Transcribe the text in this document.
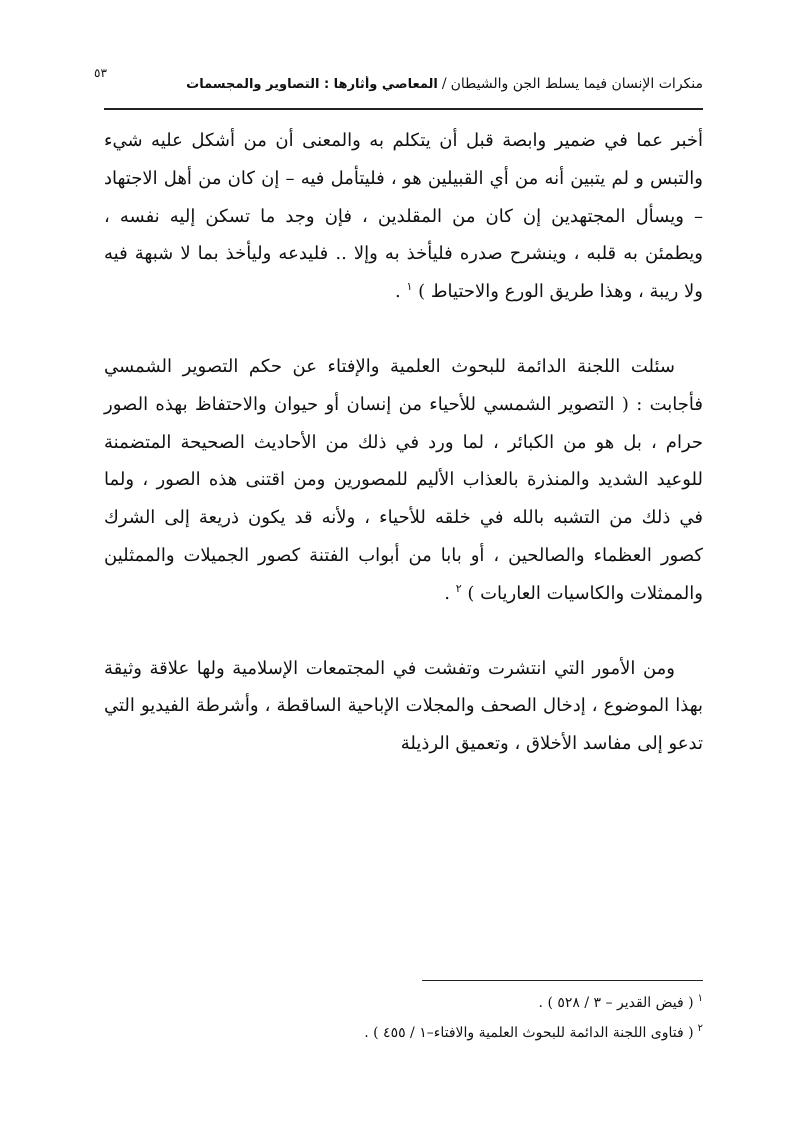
٥٣
منكرات الإنسان فيما يسلط الجن والشيطان/المعاصي وأثارها : التصاوير والمجسمات

أخبر عما في ضمير وابصة قبل أن يتكلم به والمعنى أن من أشكل عليه شيء والتبس و لم يتبين أنه من أي القبيلين هو ، فليتأمل فيه – إن كان من أهل الاجتهاد – ويسأل المجتهدين إن كان من المقلدين ، فإن وجد ما تسكن إليه نفسه ، ويطمئن به قلبه ، وينشرح صدره فليأخذ به وإلا .. فليدعه وليأخذ بما لا شبهة فيه ولا ريبة ، وهذا طريق الورع والاحتياط ) $^١$ .

سئلت اللجنة الدائمة للبحوث العلمية والإفتاء عن حكم التصوير الشمسي فأجابت : ( التصوير الشمسي للأحياء من إنسان أو حيوان والاحتفاظ بهذه الصور حرام ، بل هو من الكبائر ، لما ورد في ذلك من الأحاديث الصحيحة المتضمنة للوعيد الشديد والمنذرة بالعذاب الأليم للمصورين ومن اقتنى هذه الصور ، ولما في ذلك من التشبه بالله في خلقه للأحياء ، ولأنه قد يكون ذريعة إلى الشرك كصور العظماء والصالحين ، أو بابا من أبواب الفتنة كصور الجميلات والممثلين والممثلات والكاسيات العاريات ) $^٢$ .

ومن الأمور التي انتشرت وتفشت في المجتمعات الإسلامية ولها علاقة وثيقة بهذا الموضوع ، إدخال الصحف والمجلات الإباحية الساقطة ، وأشرطة الفيديو التي تدعو إلى مفاسد الأخلاق ، وتعميق الرذيلة

$^١$( فيض القدير – ٣ / ٥٢٨ ) .

$^٢$( فتاوى اللجنة الدائمة للبحوث العلمية والافتاء–١ / ٤٥٥ ) .
